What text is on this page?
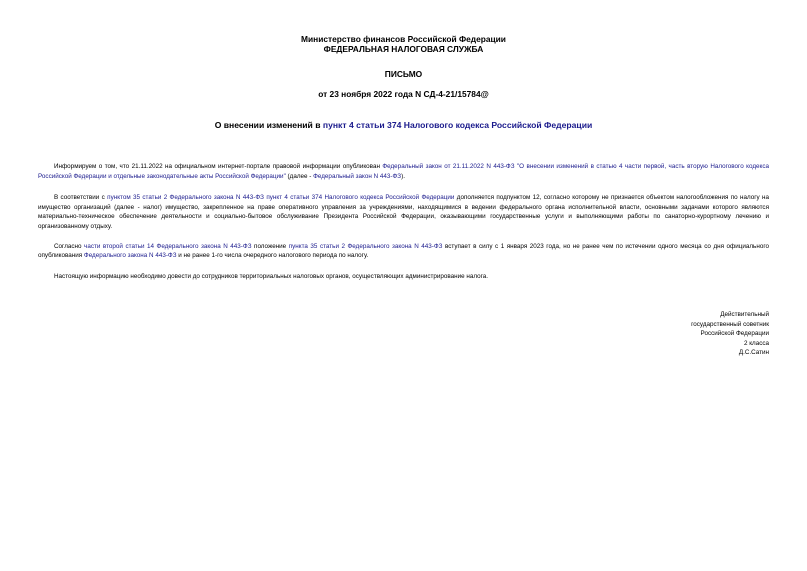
Министерство финансов Российской Федерации
ФЕДЕРАЛЬНАЯ НАЛОГОВАЯ СЛУЖБА
ПИСЬМО
от 23 ноября 2022 года N СД-4-21/15784@
О внесении изменений в пункт 4 статьи 374 Налогового кодекса Российской Федерации

Информируем о том, что 21.11.2022 на официальном интернет-портале правовой информации опубликован Федеральный закон от 21.11.2022 N 443-ФЗ "О внесении изменений в статью 4 части первой, часть вторую Налогового кодекса Российской Федерации и отдельные законодательные акты Российской Федерации" (далее - Федеральный закон N 443-ФЗ).

В соответствии с пунктом 35 статьи 2 Федерального закона N 443-ФЗ пункт 4 статьи 374 Налогового кодекса Российской Федерации дополняется подпунктом 12, согласно которому не признается объектом налогообложения по налогу на имущество организаций (далее - налог) имущество, закрепленное на праве оперативного управления за учреждениями, находящимися в ведении федерального органа исполнительной власти, основными задачами которого являются материально-техническое обеспечение деятельности и социально-бытовое обслуживание Президента Российской Федерации, оказывающими государственные услуги и выполняющими работы по санаторно-курортному лечению и организованному отдыху.

Согласно части второй статьи 14 Федерального закона N 443-ФЗ положение пункта 35 статьи 2 Федерального закона N 443-ФЗ вступает в силу с 1 января 2023 года, но не ранее чем по истечении одного месяца со дня официального опубликования Федерального закона N 443-ФЗ и не ранее 1-го числа очередного налогового периода по налогу.

Настоящую информацию необходимо довести до сотрудников территориальных налоговых органов, осуществляющих администрирование налога.

Действительный
государственный советник
Российской Федерации
2 класса
Д.С.Сатин
